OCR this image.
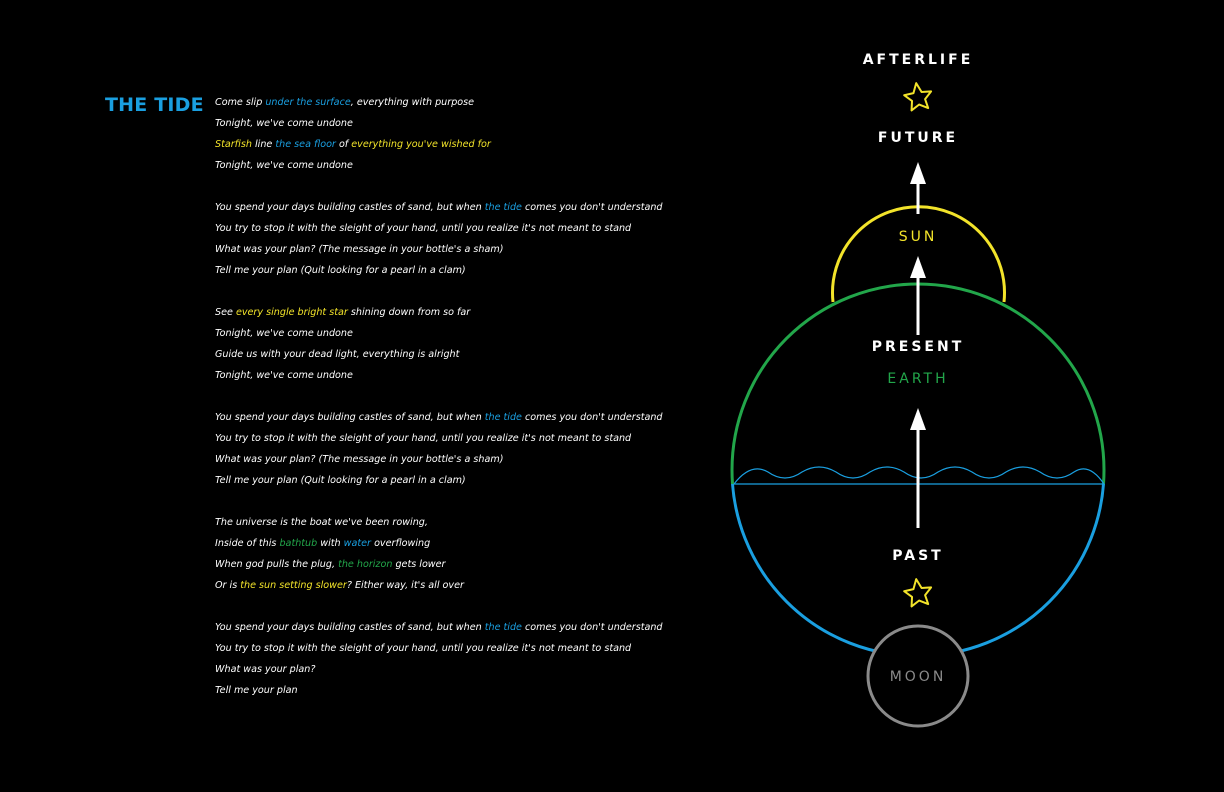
THE TIDE Come slip under the surface, everything with purpose
Tonight, we've come undone
Starfish line the sea floor of everything you've wished for
Tonight, we've come undone
You spend your days building castles of sand, but when the tide comes you don't understand
You try to stop it with the sleight of your hand, until you realize it's not meant to stand
What was your plan? (The message in your bottle's a sham)
Tell me your plan (Quit looking for a pearl in a clam)
See every single bright star shining down from so far
Tonight, we've come undone
Guide us with your dead light, everything is alright
Tonight, we've come undone
You spend your days building castles of sand, but when the tide comes you don't understand
You try to stop it with the sleight of your hand, until you realize it's not meant to stand
What was your plan? (The message in your bottle's a sham)
Tell me your plan (Quit looking for a pearl in a clam)
The universe is the boat we've been rowing,
Inside of this bathtub with water overflowing
When god pulls the plug, the horizon gets lower
Or is the sun setting slower? Either way, it's all over
You spend your days building castles of sand, but when the tide comes you don't understand
You try to stop it with the sleight of your hand, until you realize it's not meant to stand
What was your plan?
Tell me your plan
AFTERLIFE
FUTURE
SUN
PRESENT
EARTH
PAST
MOON
